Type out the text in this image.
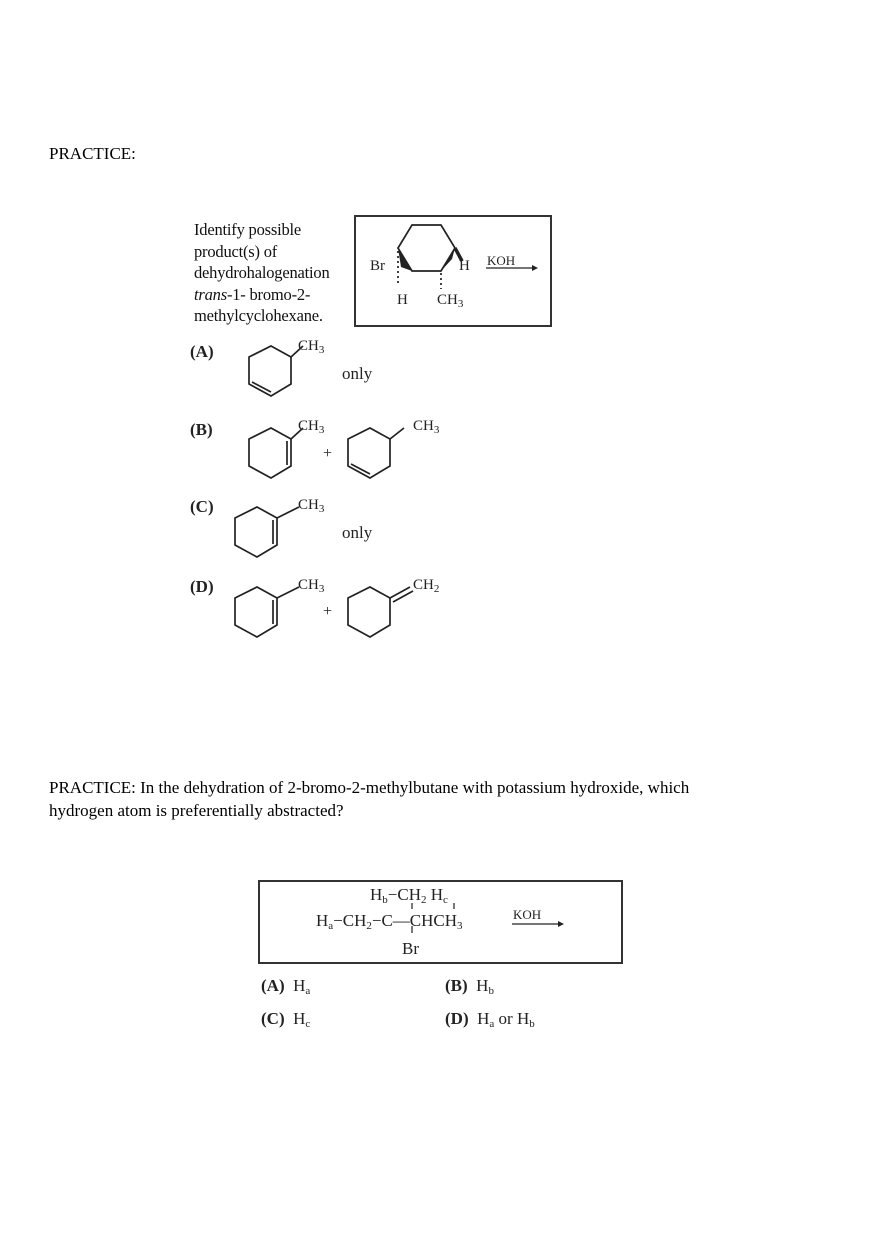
PRACTICE:
Identify possible
product(s) of
dehydrohalogenation
trans-1- bromo-2-
methylcyclohexane.
Br	H
H $CH_3$
KOH
(A)	$CH_3$
only
(B)	$CH_3$
+
$CH_3$
(C)	$CH_3$
only
(D)	$CH_3$
+
$CH_2$
PRACTICE: In the dehydration of 2-bromo-2-methylbutane with potassium hydroxide, which
hydrogen atom is preferentially abstracted?
$H_b-CH_2$ $H_c$
$H_a-CH_2-C—CHCH_3$
KOH
Br
(A) $H_a$	(B) $H_b$
(C) $H_c$	(D) $H_a$ or $H_b$
